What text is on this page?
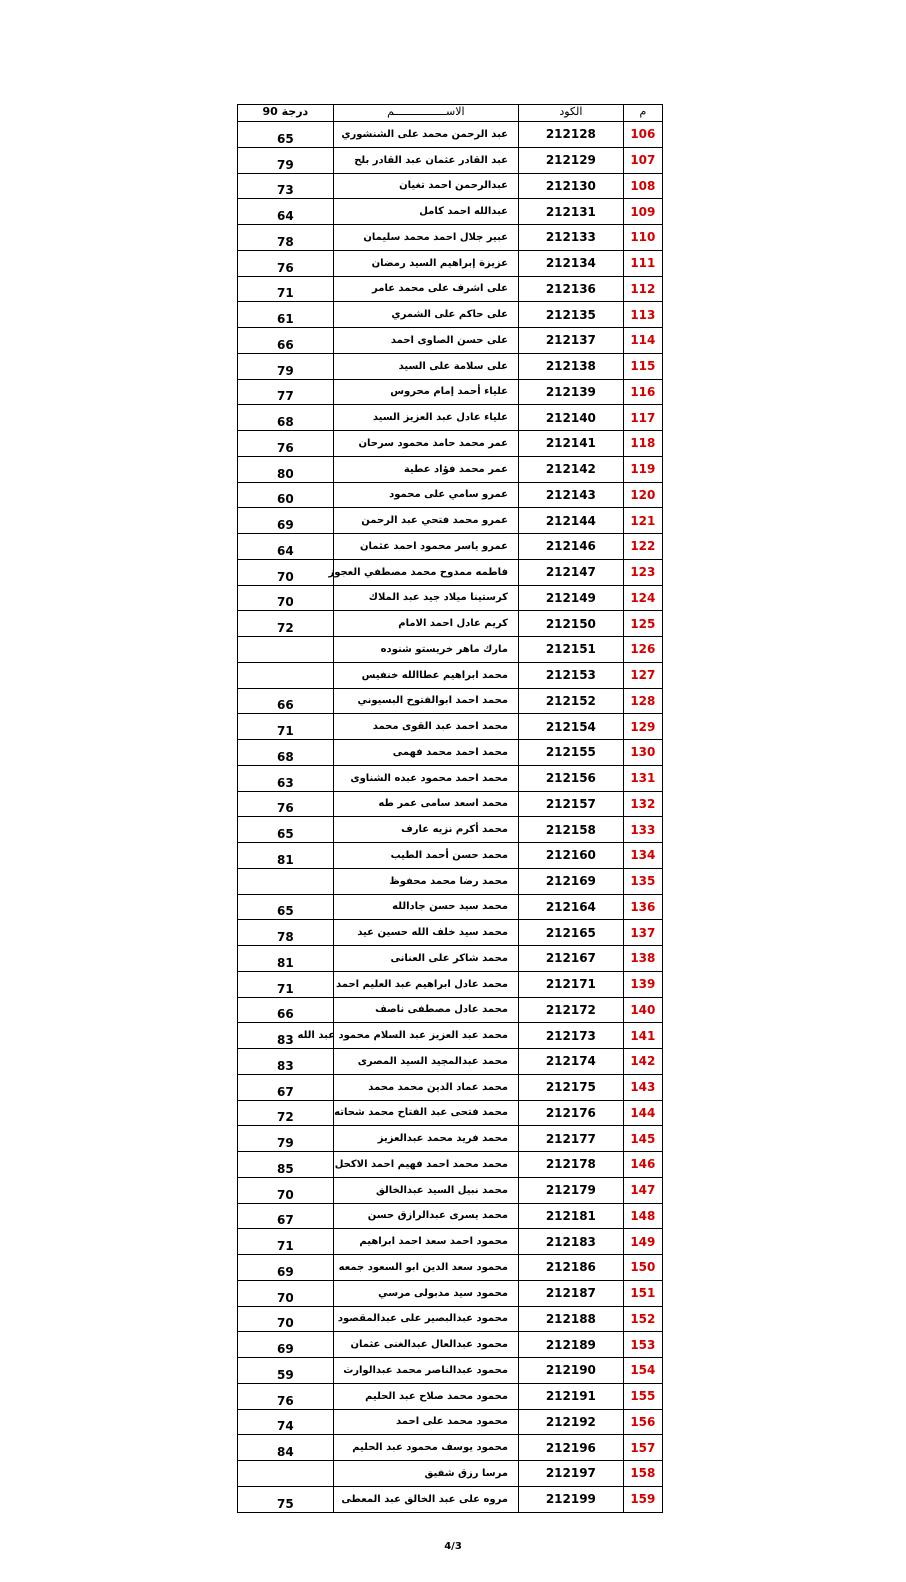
م	الكود	الاســــــــــــــــم	درجة 90
106	212128	عبد الرحمن محمد على الشنشوري	65
107	212129	عبد القادر عثمان عبد القادر بلح	79
108	212130	عبدالرحمن احمد تغيان	73
109	212131	عبدالله احمد كامل	64
110	212133	عبير جلال احمد محمد سليمان	78
111	212134	عزيزة إبراهيم السيد رمضان	76
112	212136	على اشرف على محمد عامر	71
113	212135	على حاكم على الشمري	61
114	212137	على حسن الصاوى احمد	66
115	212138	على سلامة على السيد	79
116	212139	علياء أحمد إمام محروس	77
117	212140	علياء عادل عبد العزيز السيد	68
118	212141	عمر محمد حامد محمود سرحان	76
119	212142	عمر محمد فؤاد عطية	80
120	212143	عمرو سامي على محمود	60
121	212144	عمرو محمد فتحي عبد الرحمن	69
122	212146	عمرو ياسر محمود احمد عثمان	64
123	212147	فاطمه ممدوح محمد مصطفي العجوز	70
124	212149	كرستينا ميلاد جيد عبد الملاك	70
125	212150	كريم عادل احمد الامام	72
126	212151	مارك ماهر خريستو شنوده	
127	212153	محمد ابراهيم عطاالله خنفيس	
128	212152	محمد احمد ابوالفتوح البسيوني	66
129	212154	محمد احمد عبد القوى محمد	71
130	212155	محمد احمد محمد فهمى	68
131	212156	محمد احمد محمود عبده الشناوى	63
132	212157	محمد اسعد سامى عمر طه	76
133	212158	محمد أكرم نزيه عارف	65
134	212160	محمد حسن أحمد الطيب	81
135	212169	محمد رضا محمد محفوظ	
136	212164	محمد سيد حسن جادالله	65
137	212165	محمد سيد خلف الله حسين عيد	78
138	212167	محمد شاكر على العنانى	81
139	212171	محمد عادل ابراهيم عبد العليم احمد	71
140	212172	محمد عادل مصطفى ناصف	66
141	212173	محمد عبد العزيز عبد السلام محمود عبد الله	83
142	212174	محمد عبدالمجيد السيد المصرى	83
143	212175	محمد عماد الدين محمد محمد	67
144	212176	محمد فتحى عبد الفتاح محمد شحاته	72
145	212177	محمد فريد محمد عبدالعزيز	79
146	212178	محمد محمد احمد فهيم احمد الاكحل	85
147	212179	محمد نبيل السيد عبدالخالق	70
148	212181	محمد يسرى عبدالرازق حسن	67
149	212183	محمود احمد سعد احمد ابراهيم	71
150	212186	محمود سعد الدين ابو السعود جمعه	69
151	212187	محمود سيد مدبولى مرسي	70
152	212188	محمود عبدالبصير على عبدالمقصود	70
153	212189	محمود عبدالعال عبدالغنى عثمان	69
154	212190	محمود عبدالناصر محمد عبدالوارث	59
155	212191	محمود محمد صلاح عبد الحليم	76
156	212192	محمود محمد على احمد	74
157	212196	محمود يوسف محمود عبد الحليم	84
158	212197	مرسا رزق شفيق	
159	212199	مروه على عبد الخالق عبد المعطى	75
4/3
